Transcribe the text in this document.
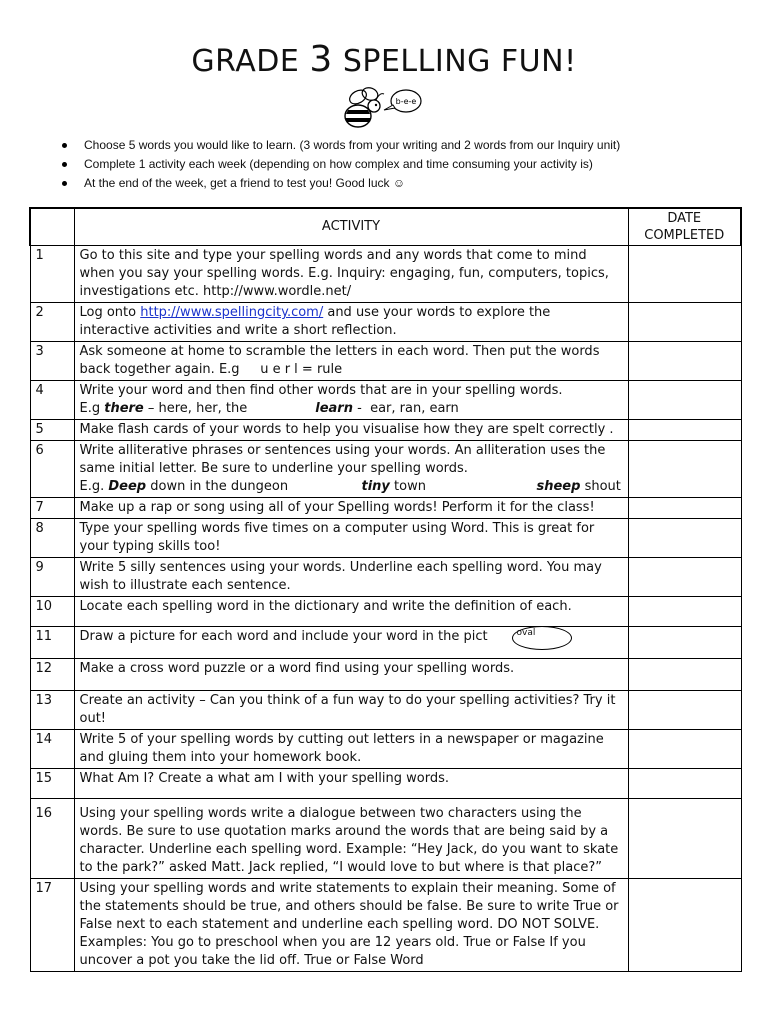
GRADE 3 SPELLING FUN!
b-e-e
Choose 5 words you would like to learn. (3 words from your writing and 2 words from our Inquiry unit)
Complete 1 activity each week (depending on how complex and time consuming your activity is)
At the end of the week, get a friend to test you! Good luck ☺
	ACTIVITY	DATE COMPLETED
1	Go to this site and type your spelling words and any words that come to mind when you say your spelling words. E.g. Inquiry: engaging, fun, computers, topics, investigations etc. http://www.wordle.net/	
2	Log onto http://www.spellingcity.com/ and use your words to explore the interactive activities and write a short reflection.	
3	Ask someone at home to scramble the letters in each word. Then put the words back together again. E.g     u e r l = rule	
4	Write your word and then find other words that are in your spelling words.
E.g there – here, her, the learn -  ear, ran, earn	

5	Make flash cards of your words to help you visualise how they are spelt correctly .	
6	Write alliterative phrases or sentences using your words. An alliteration uses the same initial letter. Be sure to underline your spelling words.
E.g. Deep down in the dungeon tiny town sheep shout	

7	Make up a rap or song using all of your Spelling words! Perform it for the class!	
8	Type your spelling words five times on a computer using Word. This is great for your typing skills too!	
9	Write 5 silly sentences using your words. Underline each spelling word. You may wish to illustrate each sentence.	
10	Locate each spelling word in the dictionary and write the definition of each.	
11	Draw a picture for each word and include your word in the pict oval	

12	Make a cross word puzzle or a word find using your spelling words.	
13	Create an activity – Can you think of a fun way to do your spelling activities? Try it out!	
14	Write 5 of your spelling words by cutting out letters in a newspaper or magazine and gluing them into your homework book.	
15	What Am I? Create a what am I with your spelling words.	
16	Using your spelling words write a dialogue between two characters using the words. Be sure to use quotation marks around the words that are being said by a character. Underline each spelling word. Example: “Hey Jack, do you want to skate to the park?” asked Matt. Jack replied, “I would love to but where is that place?”	
17	Using your spelling words and write statements to explain their meaning. Some of the statements should be true, and others should be false. Be sure to write True or False next to each statement and underline each spelling word. DO NOT SOLVE. Examples: You go to preschool when you are 12 years old. True or False If you uncover a pot you take the lid off. True or False Word	
